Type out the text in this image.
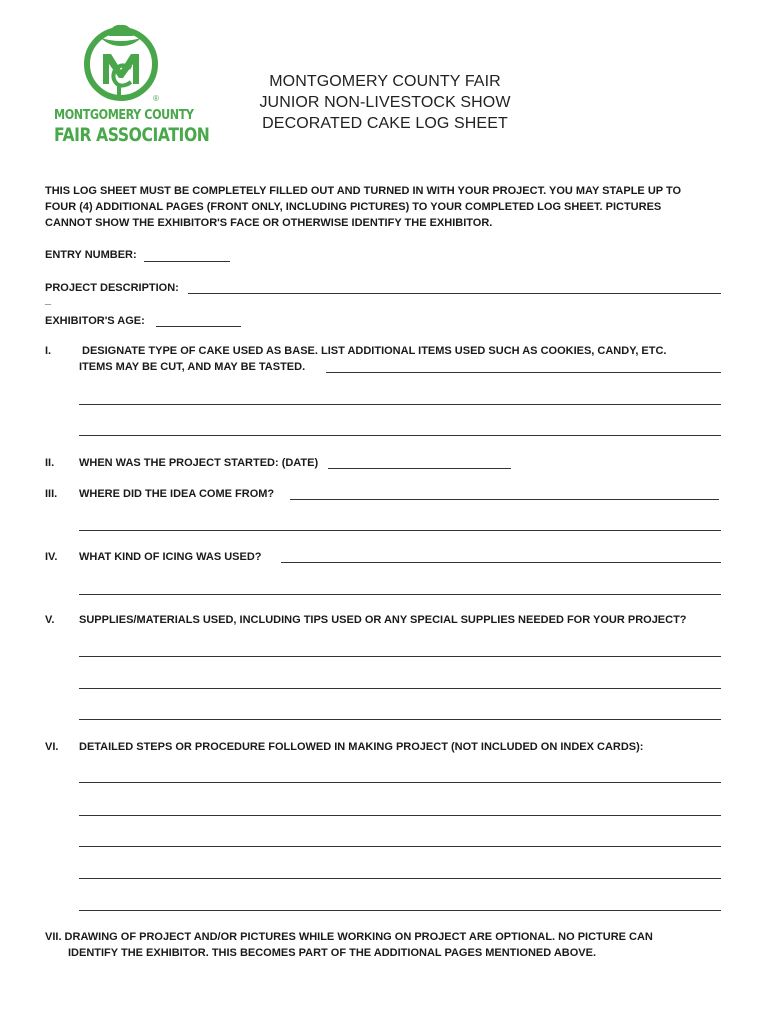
®
MONTGOMERY COUNTY
FAIR ASSOCIATION
MONTGOMERY COUNTY FAIR
JUNIOR NON-LIVESTOCK SHOW
DECORATED CAKE LOG SHEET
THIS LOG SHEET MUST BE COMPLETELY FILLED OUT AND TURNED IN WITH YOUR PROJECT. YOU MAY STAPLE UP TO
FOUR (4) ADDITIONAL PAGES (FRONT ONLY, INCLUDING PICTURES) TO YOUR COMPLETED LOG SHEET. PICTURES
CANNOT SHOW THE EXHIBITOR'S FACE OR OTHERWISE IDENTIFY THE EXHIBITOR.
ENTRY NUMBER:
PROJECT DESCRIPTION:
_
EXHIBITOR'S AGE:
I.	DESIGNATE TYPE OF CAKE USED AS BASE. LIST ADDITIONAL ITEMS USED SUCH AS COOKIES, CANDY, ETC.
ITEMS MAY BE CUT, AND MAY BE TASTED.
II. WHEN WAS THE PROJECT STARTED: (DATE)
III. WHERE DID THE IDEA COME FROM?
IV. WHAT KIND OF ICING WAS USED?
V. SUPPLIES/MATERIALS USED, INCLUDING TIPS USED OR ANY SPECIAL SUPPLIES NEEDED FOR YOUR PROJECT?
VI. DETAILED STEPS OR PROCEDURE FOLLOWED IN MAKING PROJECT (NOT INCLUDED ON INDEX CARDS):
VII. DRAWING OF PROJECT AND/OR PICTURES WHILE WORKING ON PROJECT ARE OPTIONAL. NO PICTURE CAN
IDENTIFY THE EXHIBITOR. THIS BECOMES PART OF THE ADDITIONAL PAGES MENTIONED ABOVE.
